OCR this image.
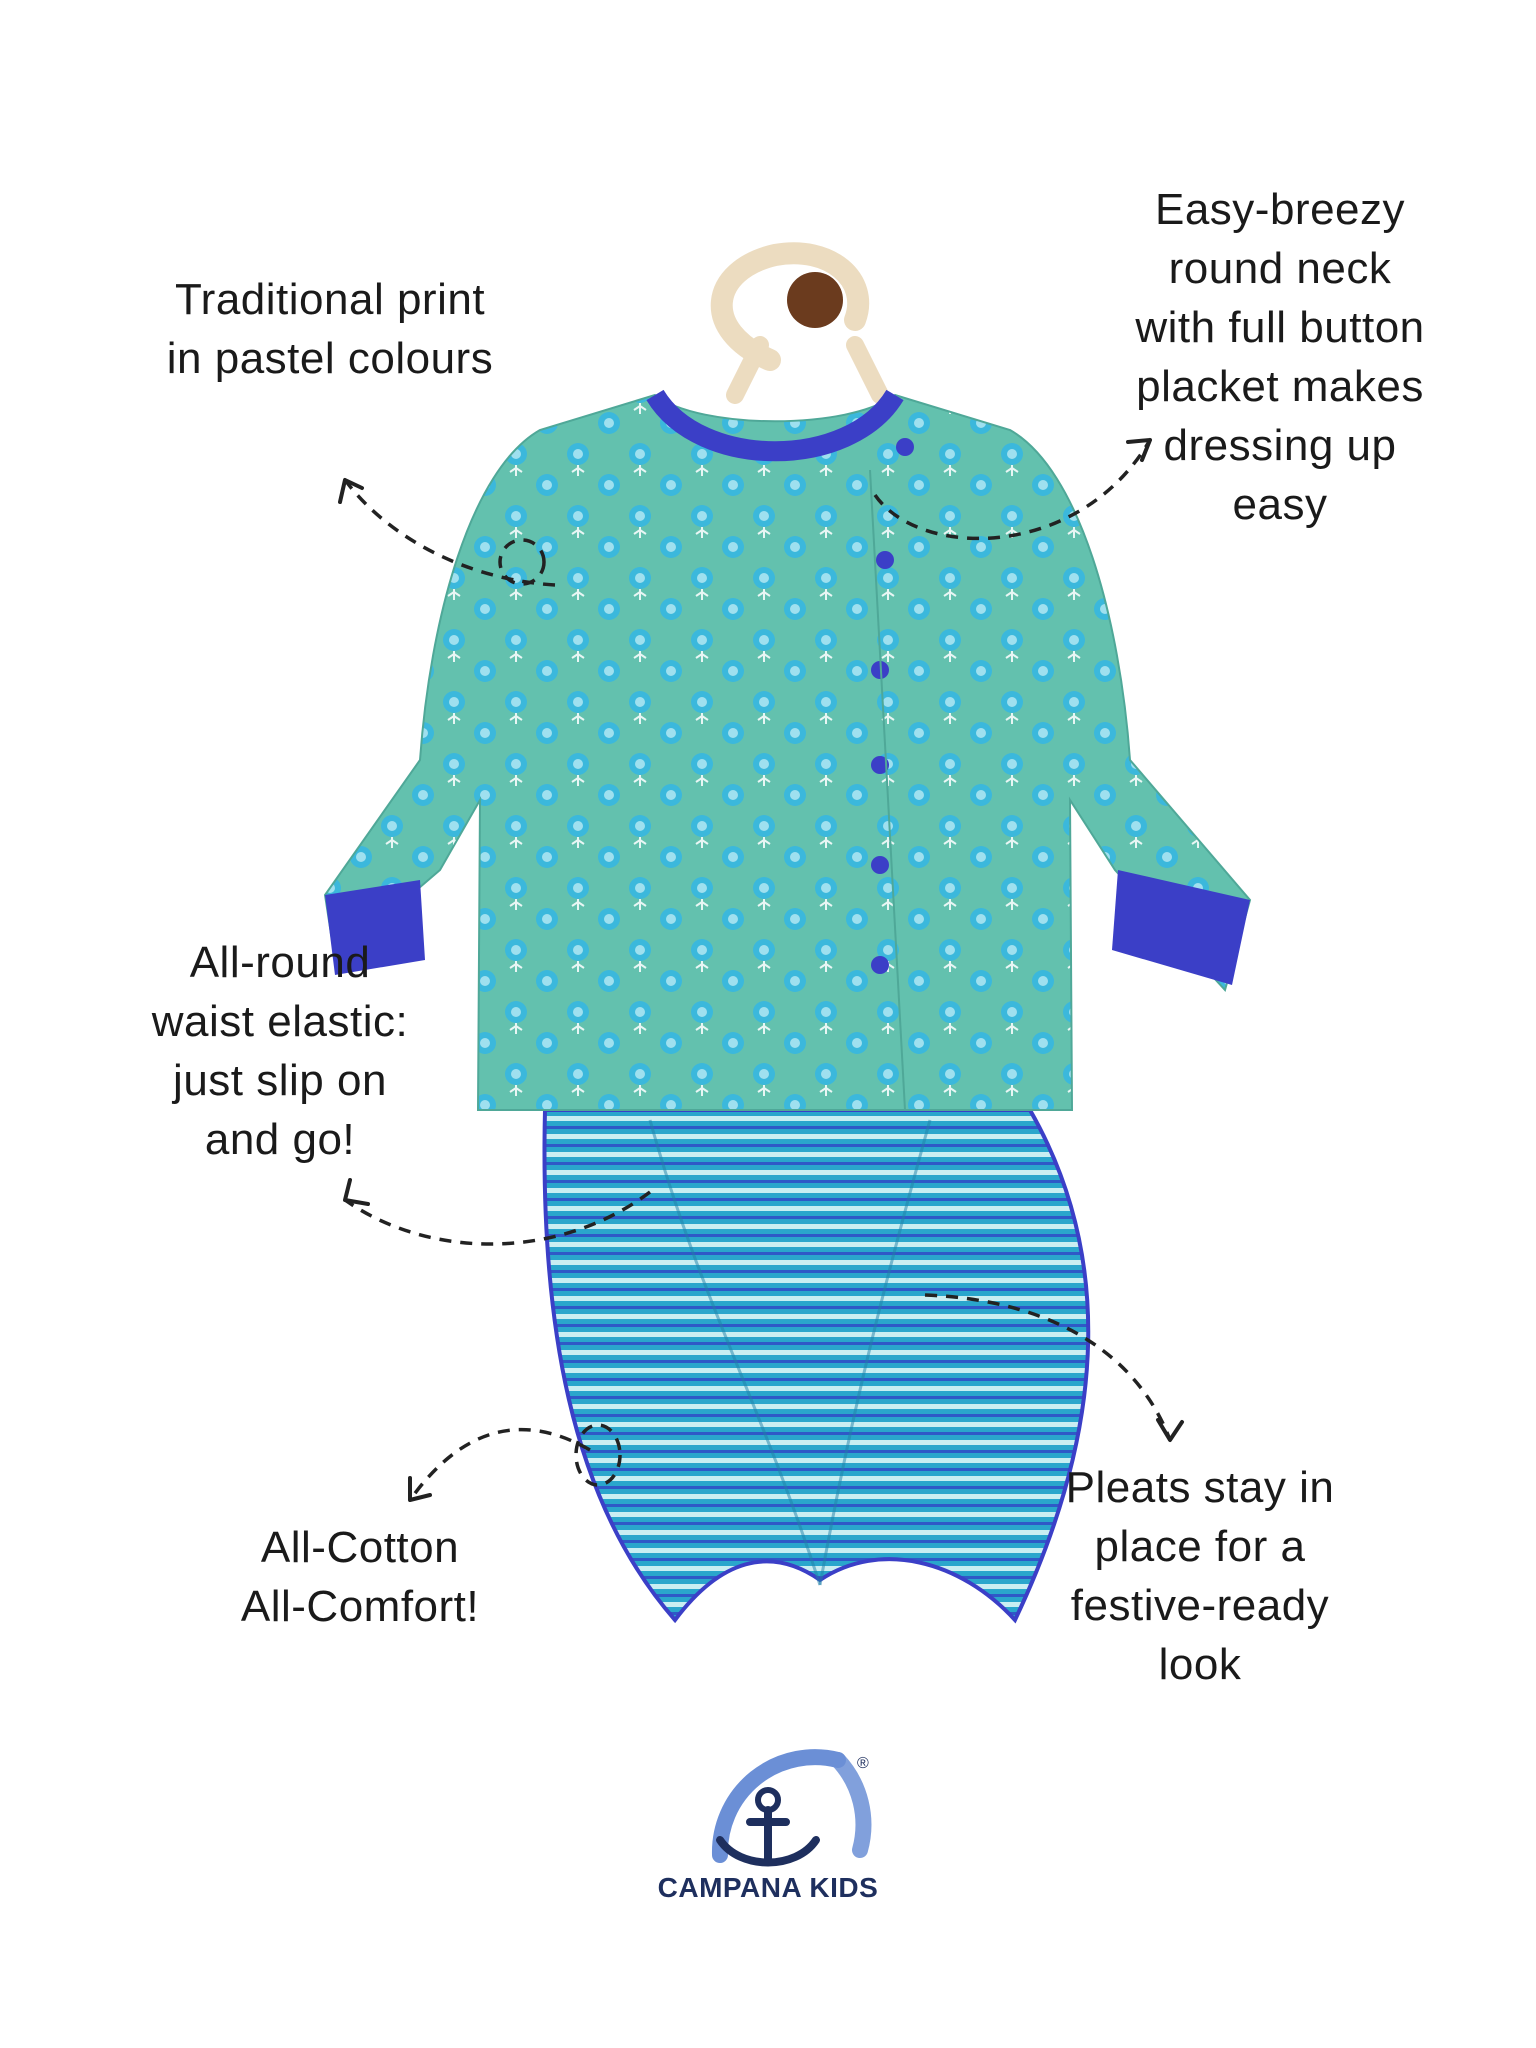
®
Traditional print
in pastel colours
Easy-breezy
round neck
with full button
placket makes
dressing up
easy
All-round
waist elastic:
just slip on
and go!
All-Cotton
All-Comfort!
Pleats stay in
place for a
festive-ready
look
CAMPANA KIDS
